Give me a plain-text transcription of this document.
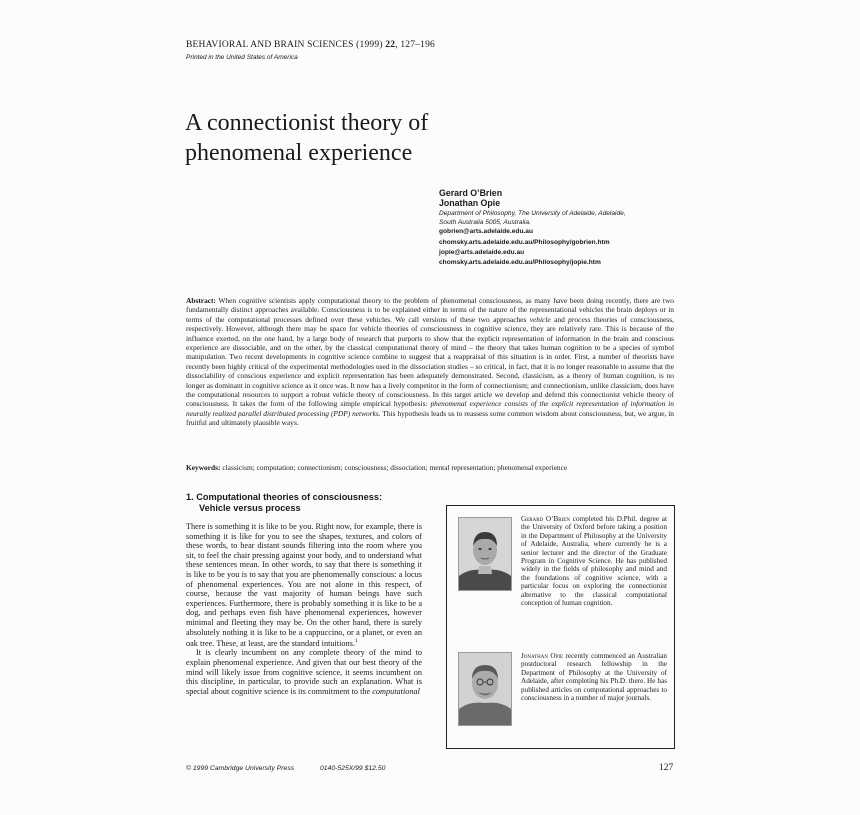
BEHAVIORAL AND BRAIN SCIENCES (1999) 22, 127–196
Printed in the United States of America
A connectionist theory of
phenomenal experience
Gerard O’Brien
Jonathan Opie
Department of Philosophy, The University of Adelaide, Adelaide,
South Australia 5005, Australia.
gobrien@arts.adelaide.edu.au
chomsky.arts.adelaide.edu.au/Philosophy/gobrien.htm
jopie@arts.adelaide.edu.au
chomsky.arts.adelaide.edu.au/Philosophy/jopie.htm
Abstract: When cognitive scientists apply computational theory to the problem of phenomenal consciousness, as many have been doing recently, there are two fundamentally distinct approaches available. Consciousness is to be explained either in terms of the nature of the representational vehicles the brain deploys or in terms of the computational processes defined over these vehicles. We call versions of these two approaches vehicle and process theories of consciousness, respectively. However, although there may be space for vehicle theories of consciousness in cognitive science, they are relatively rare. This is because of the influence exerted, on the one hand, by a large body of research that purports to show that the explicit representation of information in the brain and conscious experience are dissociable, and on the other, by the classical computational theory of mind – the theory that takes human cognition to be a species of symbol manipulation. Two recent developments in cognitive science combine to suggest that a reappraisal of this situation is in order. First, a number of theorists have recently been highly critical of the experimental methodologies used in the dissociation studies – so critical, in fact, that it is no longer reasonable to assume that the dissociability of conscious experience and explicit representation has been adequately demonstrated. Second, classicism, as a theory of human cognition, is no longer as dominant in cognitive science as it once was. It now has a lively competitor in the form of connectionism; and connectionism, unlike classicism, does have the computational resources to support a robust vehicle theory of consciousness. In this target article we develop and defend this connectionist vehicle theory of consciousness. It takes the form of the following simple empirical hypothesis: phenomenal experience consists of the explicit representation of information in neurally realized parallel distributed processing (PDP) networks. This hypothesis leads us to reassess some common wisdom about consciousness, but, we argue, in fruitful and ultimately plausible ways.
Keywords: classicism; computation; connectionism; consciousness; dissociation; mental representation; phenomenal experience
1. Computational theories of consciousness:
Vehicle versus process

There is something it is like to be you. Right now, for example, there is something it is like for you to see the shapes, textures, and colors of these words, to hear distant sounds filtering into the room where you sit, to feel the chair pressing against your body, and to understand what these sentences mean. In other words, to say that there is something it is like to be you is to say that you are phenomenally conscious: a locus of phenomenal experiences. You are not alone in this respect, of course, because the vast majority of human beings have such experiences. Furthermore, there is probably something it is like to be a dog, and perhaps even fish have phenomenal experiences, however minimal and fleeting they may be. On the other hand, there is surely absolutely nothing it is like to be a cappuccino, or a planet, or even an oak tree. These, at least, are the standard intuitions.$^1$

It is clearly incumbent on any complete theory of the mind to explain phenomenal experience. And given that our best theory of the mind will likely issue from cognitive science, it seems incumbent on this discipline, in particular, to provide such an explanation. What is special about cognitive science is its commitment to the computational

Gerard O’Brien completed his D.Phil. degree at the University of Oxford before taking a position in the Department of Philosophy at the University of Adelaide, Australia, where currently he is a senior lecturer and the director of the Graduate Program in Cognitive Science. He has published widely in the fields of philosophy and mind and the foundations of cognitive science, with a particular focus on exploring the connectionist alternative to the classical computational conception of human cognition.
Jonathan Opie recently commenced an Australian postdoctoral research fellowship in the Department of Philosophy at the University of Adelaide, after completing his Ph.D. there. He has published articles on computational approaches to consciousness in a number of major journals.
© 1999 Cambridge University Press	0140-525X/99 $12.50	127
